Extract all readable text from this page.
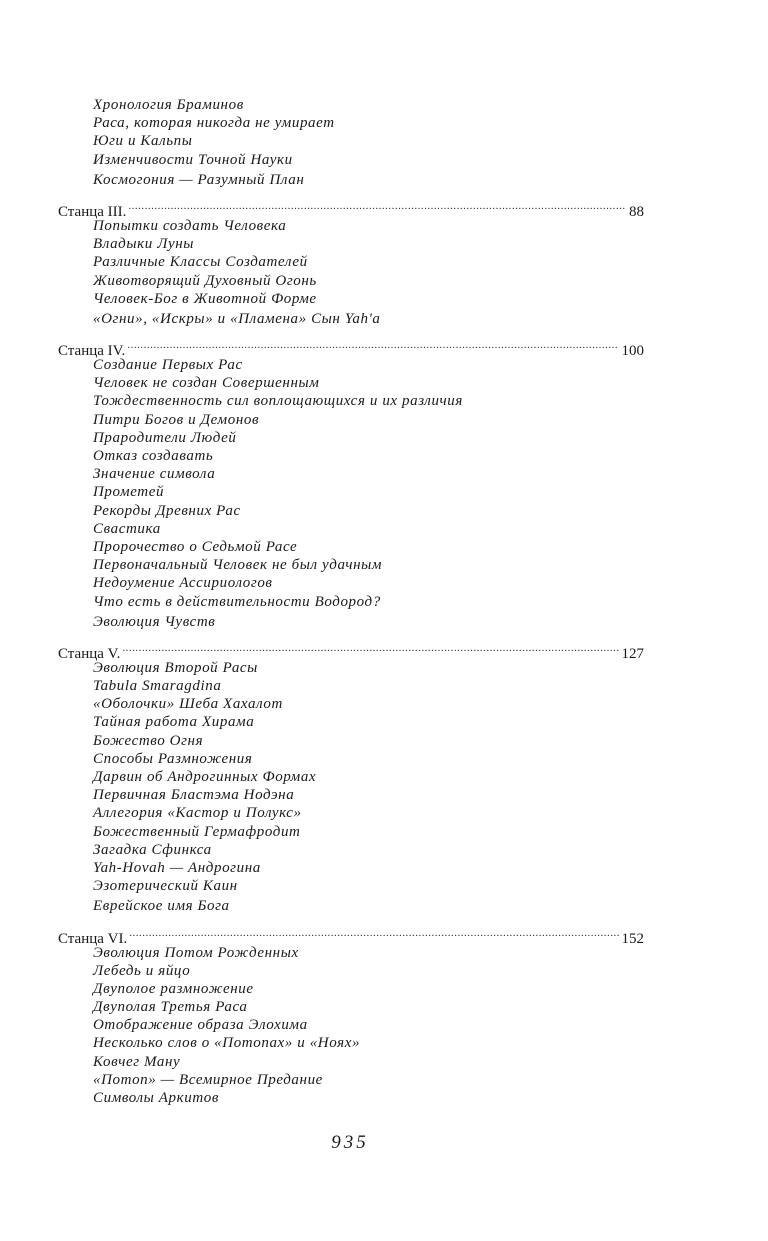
Хронология Браминов
Раса, которая никогда не умирает
Юги и Кальпы
Изменчивости Точной Науки
Космогония — Разумный План
Станца III. .....	88
Попытки создать Человека
Владыки Луны
Различные Классы Создателей
Животворящий Духовный Огонь
Человек-Бог в Животной Форме
«Огни», «Искры» и «Пламена» Сын Yah'a
Станца IV. .....	100
Создание Первых Рас
Человек не создан Совершенным
Тождественность сил воплощающихся и их различия
Питри Богов и Демонов
Прародители Людей
Отказ создавать
Значение символа
Прометей
Рекорды Древних Рас
Свастика
Пророчество о Седьмой Расе
Первоначальный Человек не был удачным
Недоумение Ассириологов
Что есть в действительности Водород?
Эволюция Чувств
Станца V. .....	127
Эволюция Второй Расы
Tabula Smaragdina
«Оболочки» Шеба Хахалот
Тайная работа Хирама
Божество Огня
Способы Размножения
Дарвин об Андрогинных Формах
Первичная Бластэма Нодэна
Аллегория «Кастор и Полукс»
Божественный Гермафродит
Загадка Сфинкса
Yah-Hovah — Андрогина
Эзотерический Каин
Еврейское имя Бога
Станца VI. .....	152
Эволюция Потом Рожденных
Лебедь и яйцо
Двуполое размножение
Двуполая Третья Раса
Отображение образа Элохима
Несколько слов о «Потопах» и «Ноях»
Ковчег Ману
«Потоп» — Всемирное Предание
Символы Аркитов
935
